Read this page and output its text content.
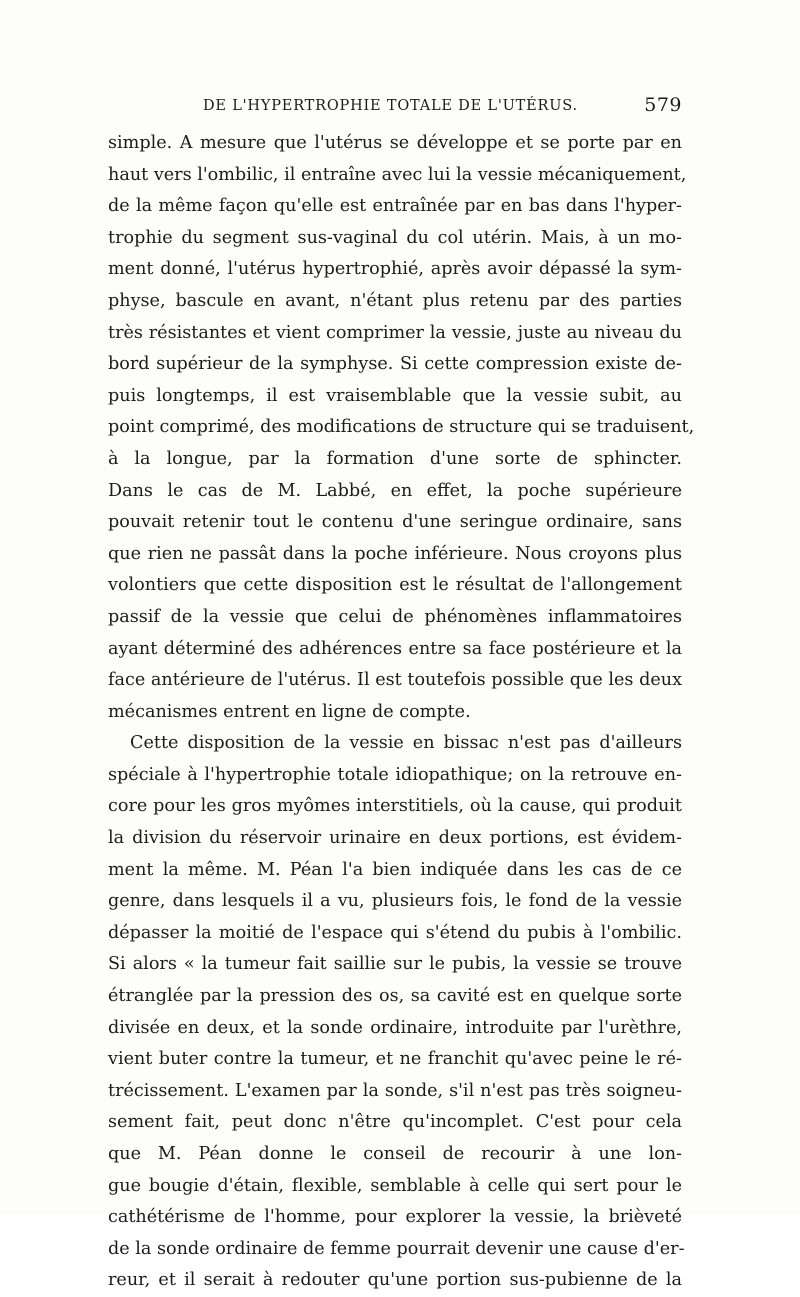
DE L'HYPERTROPHIE TOTALE DE L'UTÉRUS.	579
simple. A mesure que l'utérus se développe et se porte par en
haut vers l'ombilic, il entraîne avec lui la vessie mécaniquement,
de la même façon qu'elle est entraînée par en bas dans l'hyper-
trophie du segment sus-vaginal du col utérin. Mais, à un mo-
ment donné, l'utérus hypertrophié, après avoir dépassé la sym-
physe, bascule en avant, n'étant plus retenu par des parties
très résistantes et vient comprimer la vessie, juste au niveau du
bord supérieur de la symphyse. Si cette compression existe de-
puis longtemps, il est vraisemblable que la vessie subit, au
point comprimé, des modifications de structure qui se traduisent,
à la longue, par la formation d'une sorte de sphincter.
Dans le cas de M. Labbé, en effet, la poche supérieure
pouvait retenir tout le contenu d'une seringue ordinaire, sans
que rien ne passât dans la poche inférieure. Nous croyons plus
volontiers que cette disposition est le résultat de l'allongement
passif de la vessie que celui de phénomènes inflammatoires
ayant déterminé des adhérences entre sa face postérieure et la
face antérieure de l'utérus. Il est toutefois possible que les deux
mécanismes entrent en ligne de compte.
Cette disposition de la vessie en bissac n'est pas d'ailleurs
spéciale à l'hypertrophie totale idiopathique; on la retrouve en-
core pour les gros myômes interstitiels, où la cause, qui produit
la division du réservoir urinaire en deux portions, est évidem-
ment la même. M. Péan l'a bien indiquée dans les cas de ce
genre, dans lesquels il a vu, plusieurs fois, le fond de la vessie
dépasser la moitié de l'espace qui s'étend du pubis à l'ombilic.
Si alors « la tumeur fait saillie sur le pubis, la vessie se trouve
étranglée par la pression des os, sa cavité est en quelque sorte
divisée en deux, et la sonde ordinaire, introduite par l'urèthre,
vient buter contre la tumeur, et ne franchit qu'avec peine le ré-
trécissement. L'examen par la sonde, s'il n'est pas très soigneu-
sement fait, peut donc n'être qu'incomplet. C'est pour cela
que M. Péan donne le conseil de recourir à une lon-
gue bougie d'étain, flexible, semblable à celle qui sert pour le
cathétérisme de l'homme, pour explorer la vessie, la brièveté
de la sonde ordinaire de femme pourrait devenir une cause d'er-
reur, et il serait à redouter qu'une portion sus-pubienne de la
